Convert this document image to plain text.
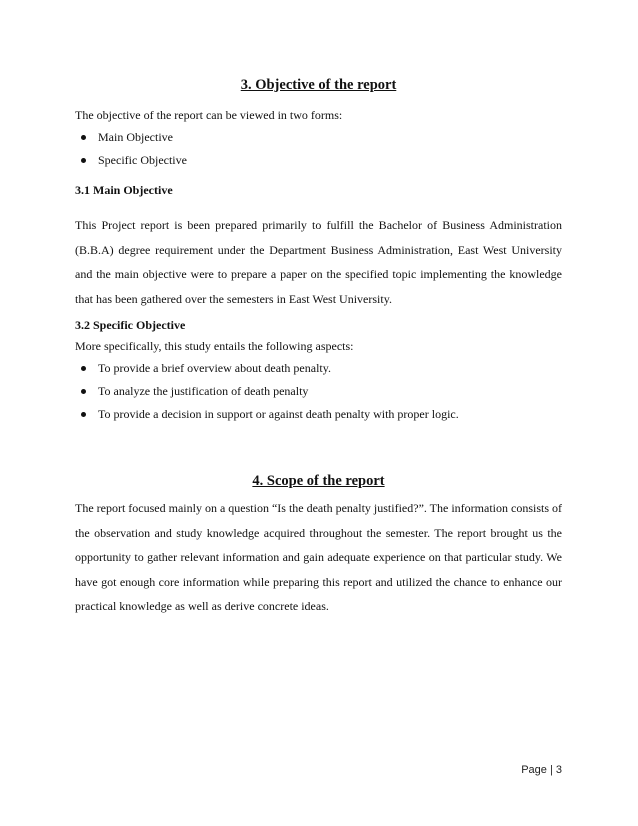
3. Objective of the report

The objective of the report can be viewed in two forms:

Main Objective
Specific Objective

3.1 Main Objective

This Project report is been prepared primarily to fulfill the Bachelor of Business Administration (B.B.A) degree requirement under the Department Business Administration, East West University and the main objective were to prepare a paper on the specified topic implementing the knowledge that has been gathered over the semesters in East West University.

3.2 Specific Objective

More specifically, this study entails the following aspects:

To provide a brief overview about death penalty.
To analyze the justification of death penalty
To provide a decision in support or against death penalty with proper logic.
4. Scope of the report

The report focused mainly on a question “Is the death penalty justified?”. The information consists of the observation and study knowledge acquired throughout the semester. The report brought us the opportunity to gather relevant information and gain adequate experience on that particular study. We have got enough core information while preparing this report and utilized the chance to enhance our practical knowledge as well as derive concrete ideas.

Page | 3
